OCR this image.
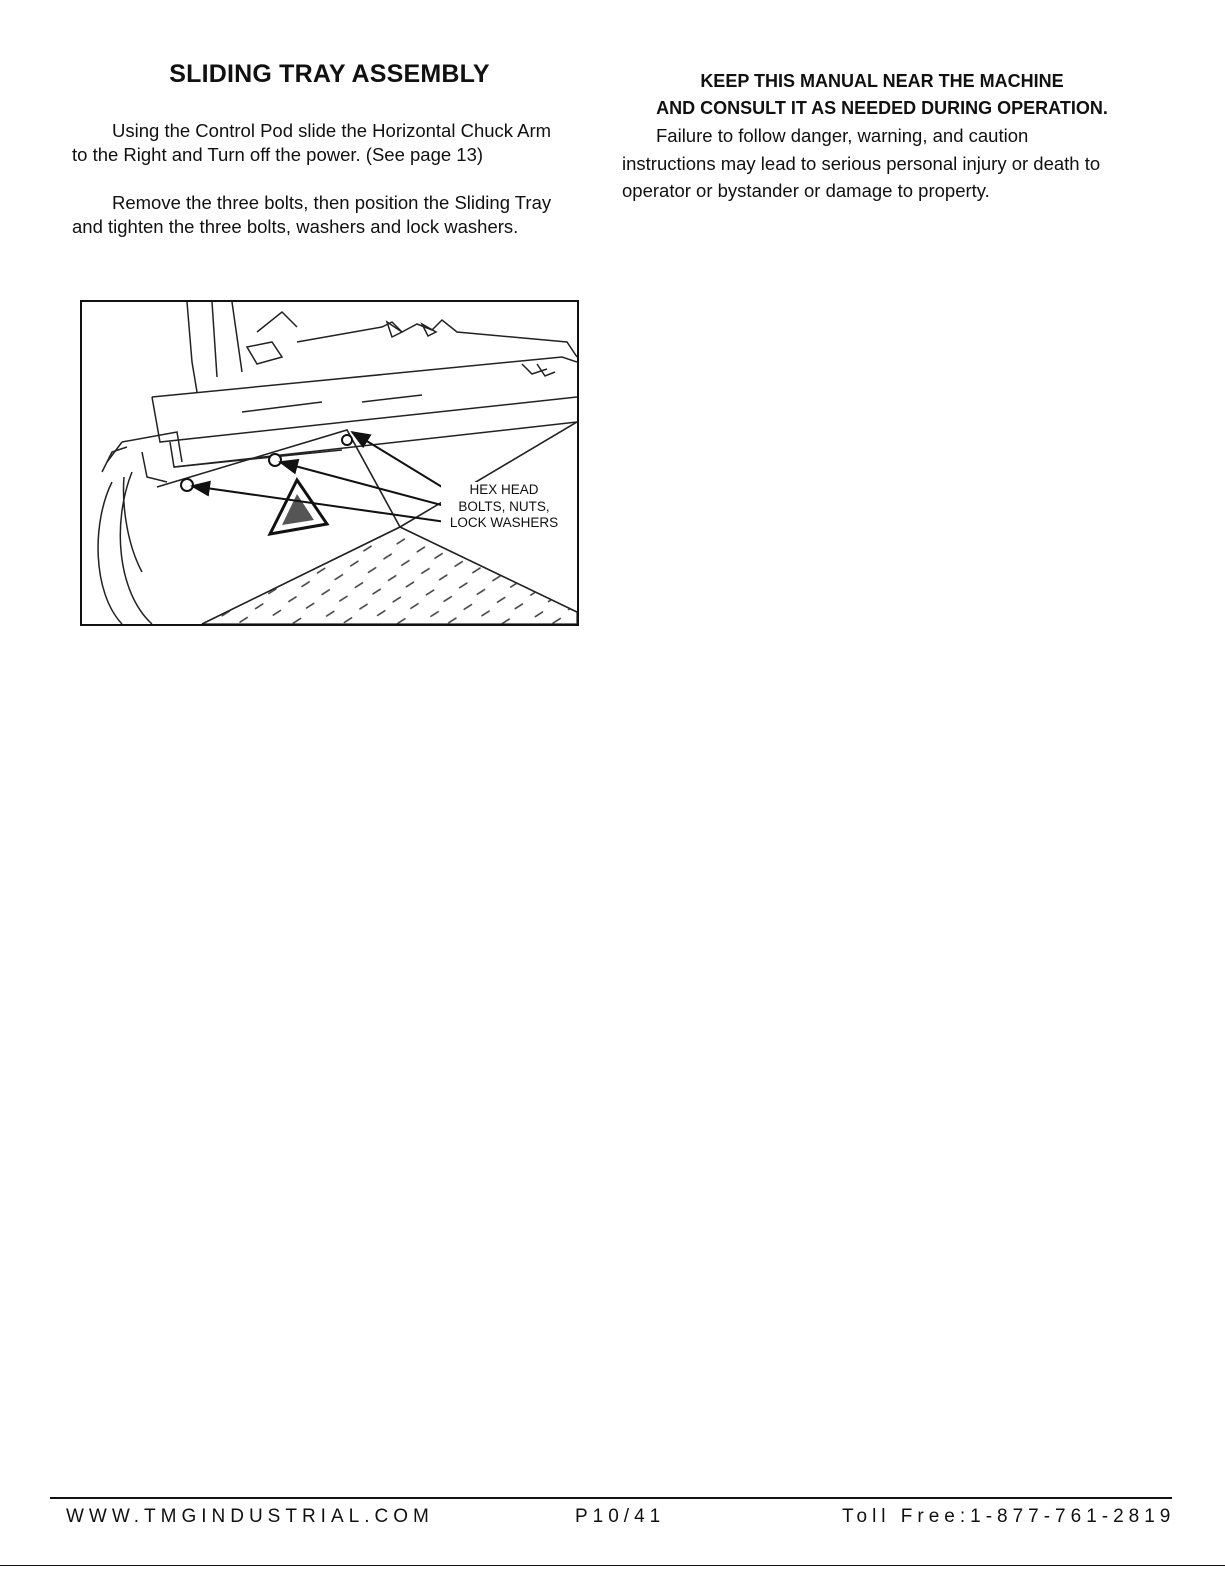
SLIDING TRAY ASSEMBLY

Using the Control Pod slide the Horizontal Chuck Arm
to the Right and Turn off the power. (See page 13)

Remove the three bolts, then position the Sliding Tray
and tighten the three bolts, washers and lock washers.

HEX HEAD
BOLTS, NUTS,
LOCK WASHERS

KEEP THIS MANUAL NEAR THE MACHINE
AND CONSULT IT AS NEEDED DURING OPERATION.

Failure to follow danger, warning, and caution
instructions may lead to serious personal injury or death to
operator or bystander or damage to property.

WWW.TMGINDUSTRIAL.COM	P10/41	Toll Free:1-877-761-2819
